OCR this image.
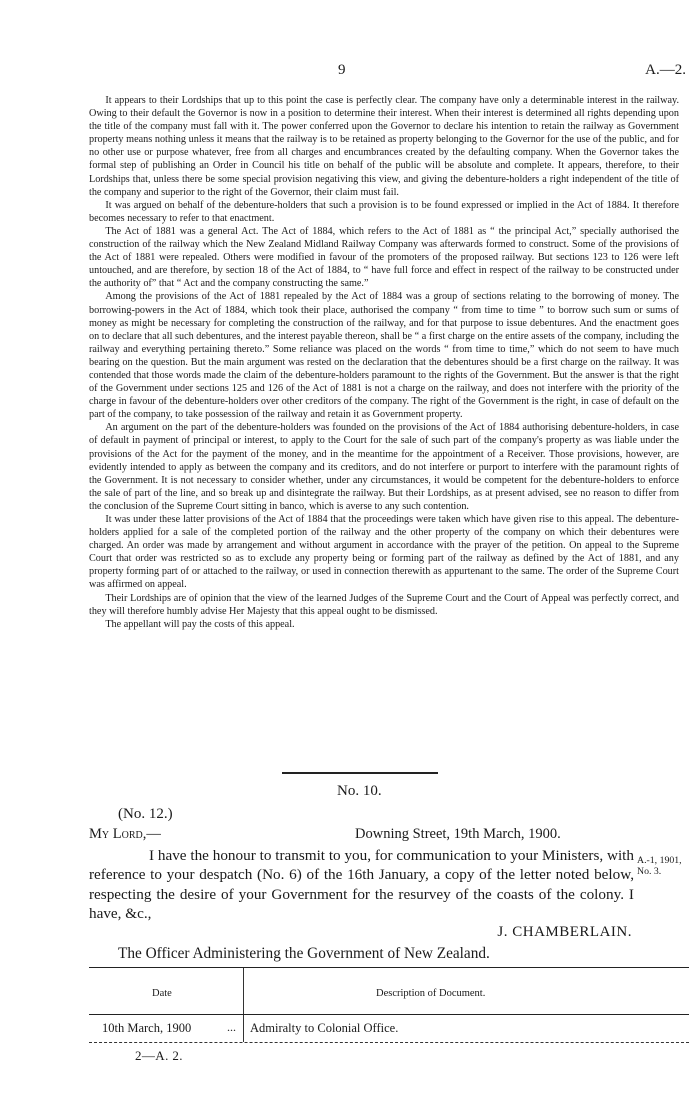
9	A.—2.

It appears to their Lordships that up to this point the case is perfectly clear. The company have only a determinable interest in the railway. Owing to their default the Governor is now in a position to determine their interest. When their interest is determined all rights depending upon the title of the company must fall with it. The power conferred upon the Governor to declare his intention to retain the railway as Government property means nothing unless it means that the railway is to be retained as property belonging to the Governor for the use of the public, and for no other use or purpose whatever, free from all charges and encumbrances created by the defaulting company. When the Governor takes the formal step of publishing an Order in Council his title on behalf of the public will be absolute and complete. It appears, therefore, to their Lordships that, unless there be some special provision negativing this view, and giving the debenture-holders a right independent of the title of the company and superior to the right of the Governor, their claim must fail.

It was argued on behalf of the debenture-holders that such a provision is to be found expressed or implied in the Act of 1884. It therefore becomes necessary to refer to that enactment.

The Act of 1881 was a general Act. The Act of 1884, which refers to the Act of 1881 as “ the principal Act,” specially authorised the construction of the railway which the New Zealand Midland Railway Company was afterwards formed to construct. Some of the provisions of the Act of 1881 were repealed. Others were modified in favour of the promoters of the proposed railway. But sections 123 to 126 were left untouched, and are therefore, by section 18 of the Act of 1884, to “ have full force and effect in respect of the railway to be constructed under the authority of” that “ Act and the company constructing the same.”

Among the provisions of the Act of 1881 repealed by the Act of 1884 was a group of sections relating to the borrowing of money. The borrowing-powers in the Act of 1884, which took their place, authorised the company “ from time to time ” to borrow such sum or sums of money as might be necessary for completing the construction of the railway, and for that purpose to issue debentures. And the enactment goes on to declare that all such debentures, and the interest payable thereon, shall be “ a first charge on the entire assets of the company, including the railway and everything pertaining thereto.” Some reliance was placed on the words “ from time to time,” which do not seem to have much bearing on the question. But the main argument was rested on the declaration that the debentures should be a first charge on the railway. It was contended that those words made the claim of the debenture-holders paramount to the rights of the Government. But the answer is that the right of the Government under sections 125 and 126 of the Act of 1881 is not a charge on the railway, and does not interfere with the priority of the charge in favour of the debenture-holders over other creditors of the company. The right of the Government is the right, in case of default on the part of the company, to take possession of the railway and retain it as Government property.

An argument on the part of the debenture-holders was founded on the provisions of the Act of 1884 authorising debenture-holders, in case of default in payment of principal or interest, to apply to the Court for the sale of such part of the company's property as was liable under the provisions of the Act for the payment of the money, and in the meantime for the appointment of a Receiver. Those provisions, however, are evidently intended to apply as between the company and its creditors, and do not interfere or purport to interfere with the paramount rights of the Government. It is not necessary to consider whether, under any circumstances, it would be competent for the debenture-holders to enforce the sale of part of the line, and so break up and disintegrate the railway. But their Lordships, as at present advised, see no reason to differ from the conclusion of the Supreme Court sitting in banco, which is averse to any such contention.

It was under these latter provisions of the Act of 1884 that the proceedings were taken which have given rise to this appeal. The debenture-holders applied for a sale of the completed portion of the railway and the other property of the company on which their debentures were charged. An order was made by arrangement and without argument in accordance with the prayer of the petition. On appeal to the Supreme Court that order was restricted so as to exclude any property being or forming part of the railway as defined by the Act of 1881, and any property forming part of or attached to the railway, or used in connection therewith as appurtenant to the same. The order of the Supreme Court was affirmed on appeal.

Their Lordships are of opinion that the view of the learned Judges of the Supreme Court and the Court of Appeal was perfectly correct, and they will therefore humbly advise Her Majesty that this appeal ought to be dismissed.

The appellant will pay the costs of this appeal.

No. 10.
(No. 12.)
My Lord,—	Downing Street, 19th March, 1900.

I have the honour to transmit to you, for communication to your Ministers, with reference to your despatch (No. 6) of the 16th January, a copy of the letter noted below, respecting the desire of your Government for the resurvey of the coasts of the colony. I have, &c.,

A.-1, 1901,
No. 3.
J. CHAMBERLAIN.
The Officer Administering the Government of New Zealand.
Date	Description of Document.
10th March, 1900	... Admiralty to Colonial Office.
2—A. 2.
